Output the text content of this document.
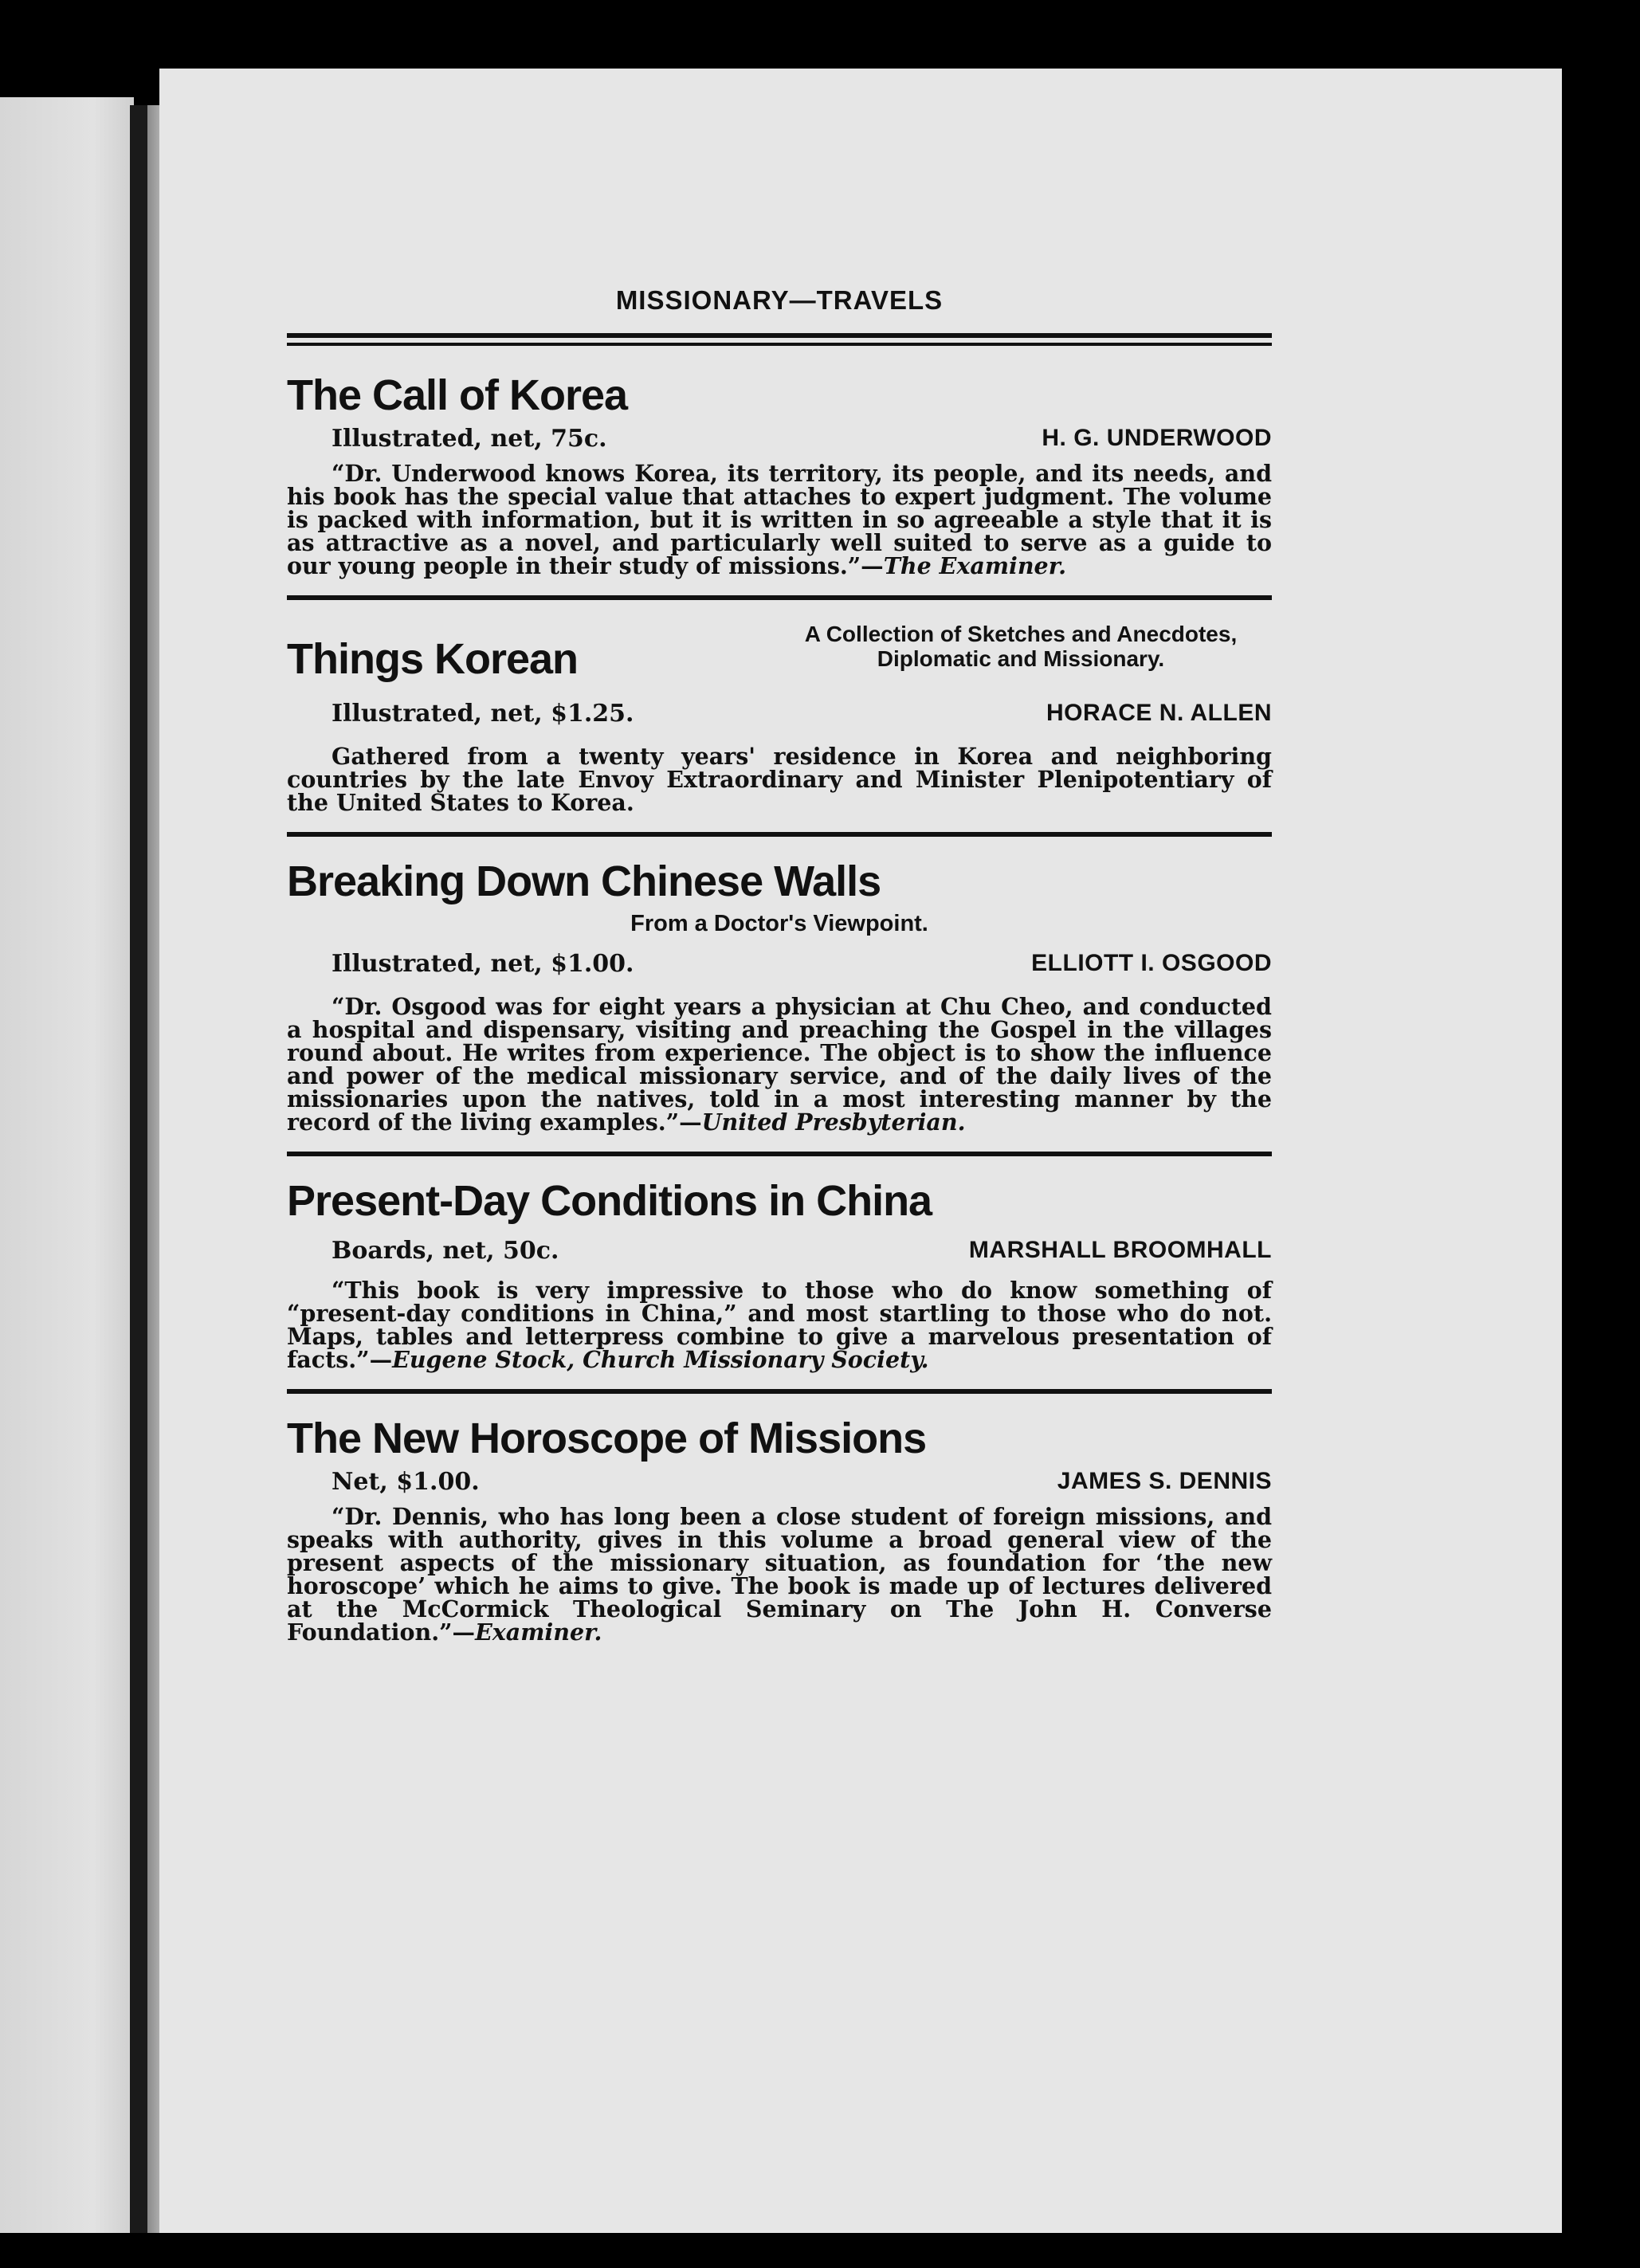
MISSIONARY—TRAVELS
The Call of Korea
Illustrated, net, 75c.	H. G. UNDERWOOD

“Dr. Underwood knows Korea, its territory, its people, and its needs, and his book has the special value that attaches to expert judgment. The volume is packed with information, but it is written in so agreeable a style that it is as attractive as a novel, and particularly well suited to serve as a guide to our young people in their study of missions.”—The Examiner.

Things Korean
A Collection of Sketches and Anecdotes,
Diplomatic and Missionary.
Illustrated, net, $1.25.	HORACE N. ALLEN

Gathered from a twenty years' residence in Korea and neighboring countries by the late Envoy Extraordinary and Minister Plenipotentiary of the United States to Korea.

Breaking Down Chinese Walls
From a Doctor's Viewpoint.
Illustrated, net, $1.00.	ELLIOTT I. OSGOOD

“Dr. Osgood was for eight years a physician at Chu Cheo, and conducted a hospital and dispensary, visiting and preaching the Gospel in the villages round about. He writes from experience. The object is to show the influence and power of the medical missionary service, and of the daily lives of the missionaries upon the natives, told in a most interesting manner by the record of the living examples.”—United Presbyterian.

Present-Day Conditions in China
Boards, net, 50c.	MARSHALL BROOMHALL

“This book is very impressive to those who do know something of “present-day conditions in China,” and most startling to those who do not. Maps, tables and letterpress combine to give a marvelous presentation of facts.”—Eugene Stock, Church Missionary Society.

The New Horoscope of Missions
Net, $1.00.	JAMES S. DENNIS

“Dr. Dennis, who has long been a close student of foreign missions, and speaks with authority, gives in this volume a broad general view of the present aspects of the missionary situation, as foundation for ‘the new horoscope’ which he aims to give. The book is made up of lectures delivered at the McCormick Theological Seminary on The John H. Converse Foundation.”—Examiner.
